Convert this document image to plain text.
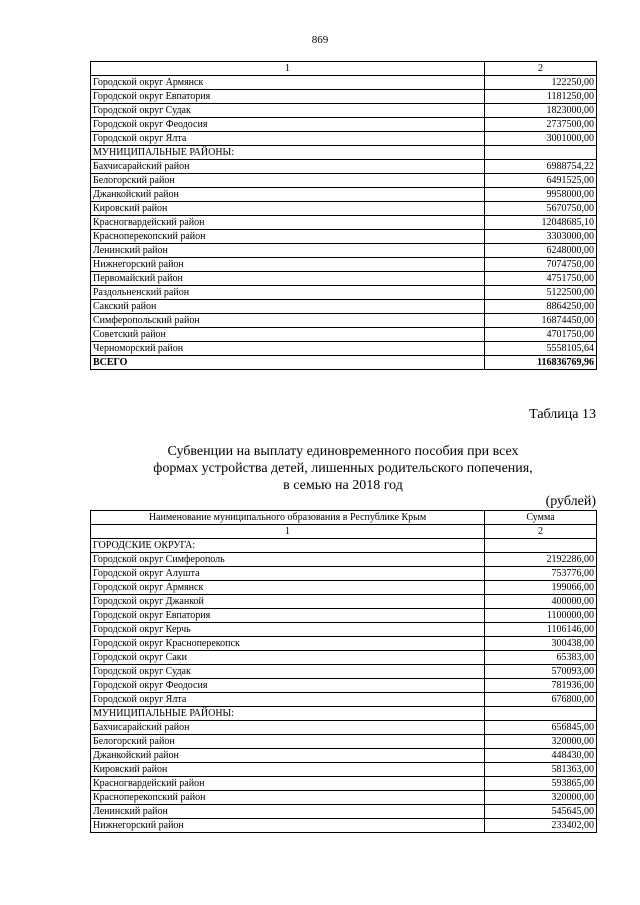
869
1	2
Городской округ Армянск	122250,00
Городской округ Евпатория	1181250,00
Городской округ Судак	1823000,00
Городской округ Феодосия	2737500,00
Городской округ Ялта	3001000,00
МУНИЦИПАЛЬНЫЕ РАЙОНЫ:	
Бахчисарайский район	6988754,22
Белогорский район	6491525,00
Джанкойский район	9958000,00
Кировский район	5670750,00
Красногвардейский район	12048685,10
Красноперекопский район	3303000,00
Ленинский район	6248000,00
Нижнегорский район	7074750,00
Первомайский район	4751750,00
Раздольненский район	5122500,00
Сакский район	8864250,00
Симферопольский район	16874450,00
Советский район	4701750,00
Черноморский район	5558105,64
ВСЕГО	116836769,96
Таблица 13
Субвенции на выплату единовременного пособия при всех
формах устройства детей, лишенных родительского попечения,
в семью на 2018 год
(рублей)
Наименование муниципального образования в Республике Крым	Сумма
1	2
ГОРОДСКИЕ ОКРУГА:	
Городской округ Симферополь	2192286,00
Городской округ Алушта	753776,00
Городской округ Армянск	199066,00
Городской округ Джанкой	400000,00
Городской округ Евпатория	1100000,00
Городской округ Керчь	1106146,00
Городской округ Красноперекопск	300438,00
Городской округ Саки	65383,00
Городской округ Судак	570093,00
Городской округ Феодосия	781936,00
Городской округ Ялта	676800,00
МУНИЦИПАЛЬНЫЕ РАЙОНЫ:	
Бахчисарайский район	656845,00
Белогорский район	320000,00
Джанкойский район	448430,00
Кировский район	581363,00
Красногвардейский район	593865,00
Красноперекопский район	320000,00
Ленинский район	545645,00
Нижнегорский район	233402,00
